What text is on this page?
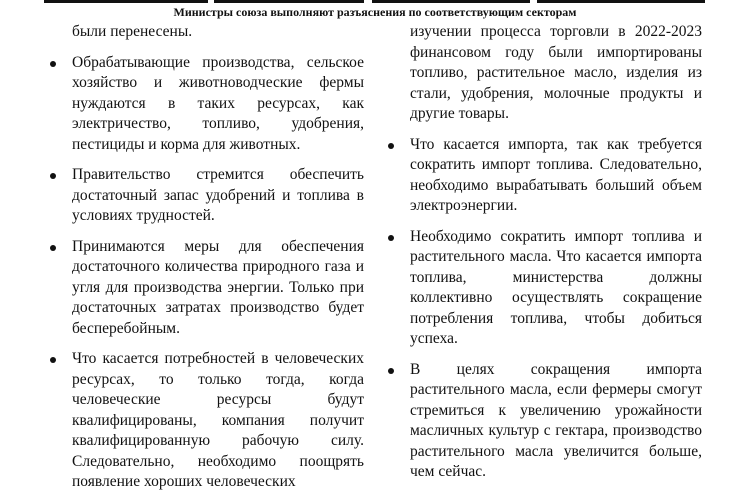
Министры союза выполняют разъяснения по соответствующим секторам

были перенесены.

Обрабатывающие производства, сельское хозяйство и животноводческие фермы нуждаются в таких ресурсах, как электричество, топливо, удобрения, пестициды и корма для животных.
Правительство стремится обеспечить достаточный запас удобрений и топлива в условиях трудностей.
Принимаются меры для обеспечения достаточного количества природного газа и угля для производства энергии. Только при достаточных затратах производство будет бесперебойным.
Что касается потребностей в человеческих ресурсах, то только тогда, когда человеческие ресурсы будут квалифицированы, компания получит квалифицированную рабочую силу. Следовательно, необходимо поощрять появление хороших человеческих

изучении процесса торговли в 2022-2023 финансовом году были импортированы топливо, растительное масло, изделия из стали, удобрения, молочные продукты и другие товары.

Что касается импорта, так как требуется сократить импорт топлива. Следовательно, необходимо вырабатывать больший объем электроэнергии.
Необходимо сократить импорт топлива и растительного масла. Что касается импорта топлива, министерства должны коллективно осуществлять сокращение потребления топлива, чтобы добиться успеха.
В целях сокращения импорта растительного масла, если фермеры смогут стремиться к увеличению урожайности масличных культур с гектара, производство растительного масла увеличится больше, чем сейчас.
